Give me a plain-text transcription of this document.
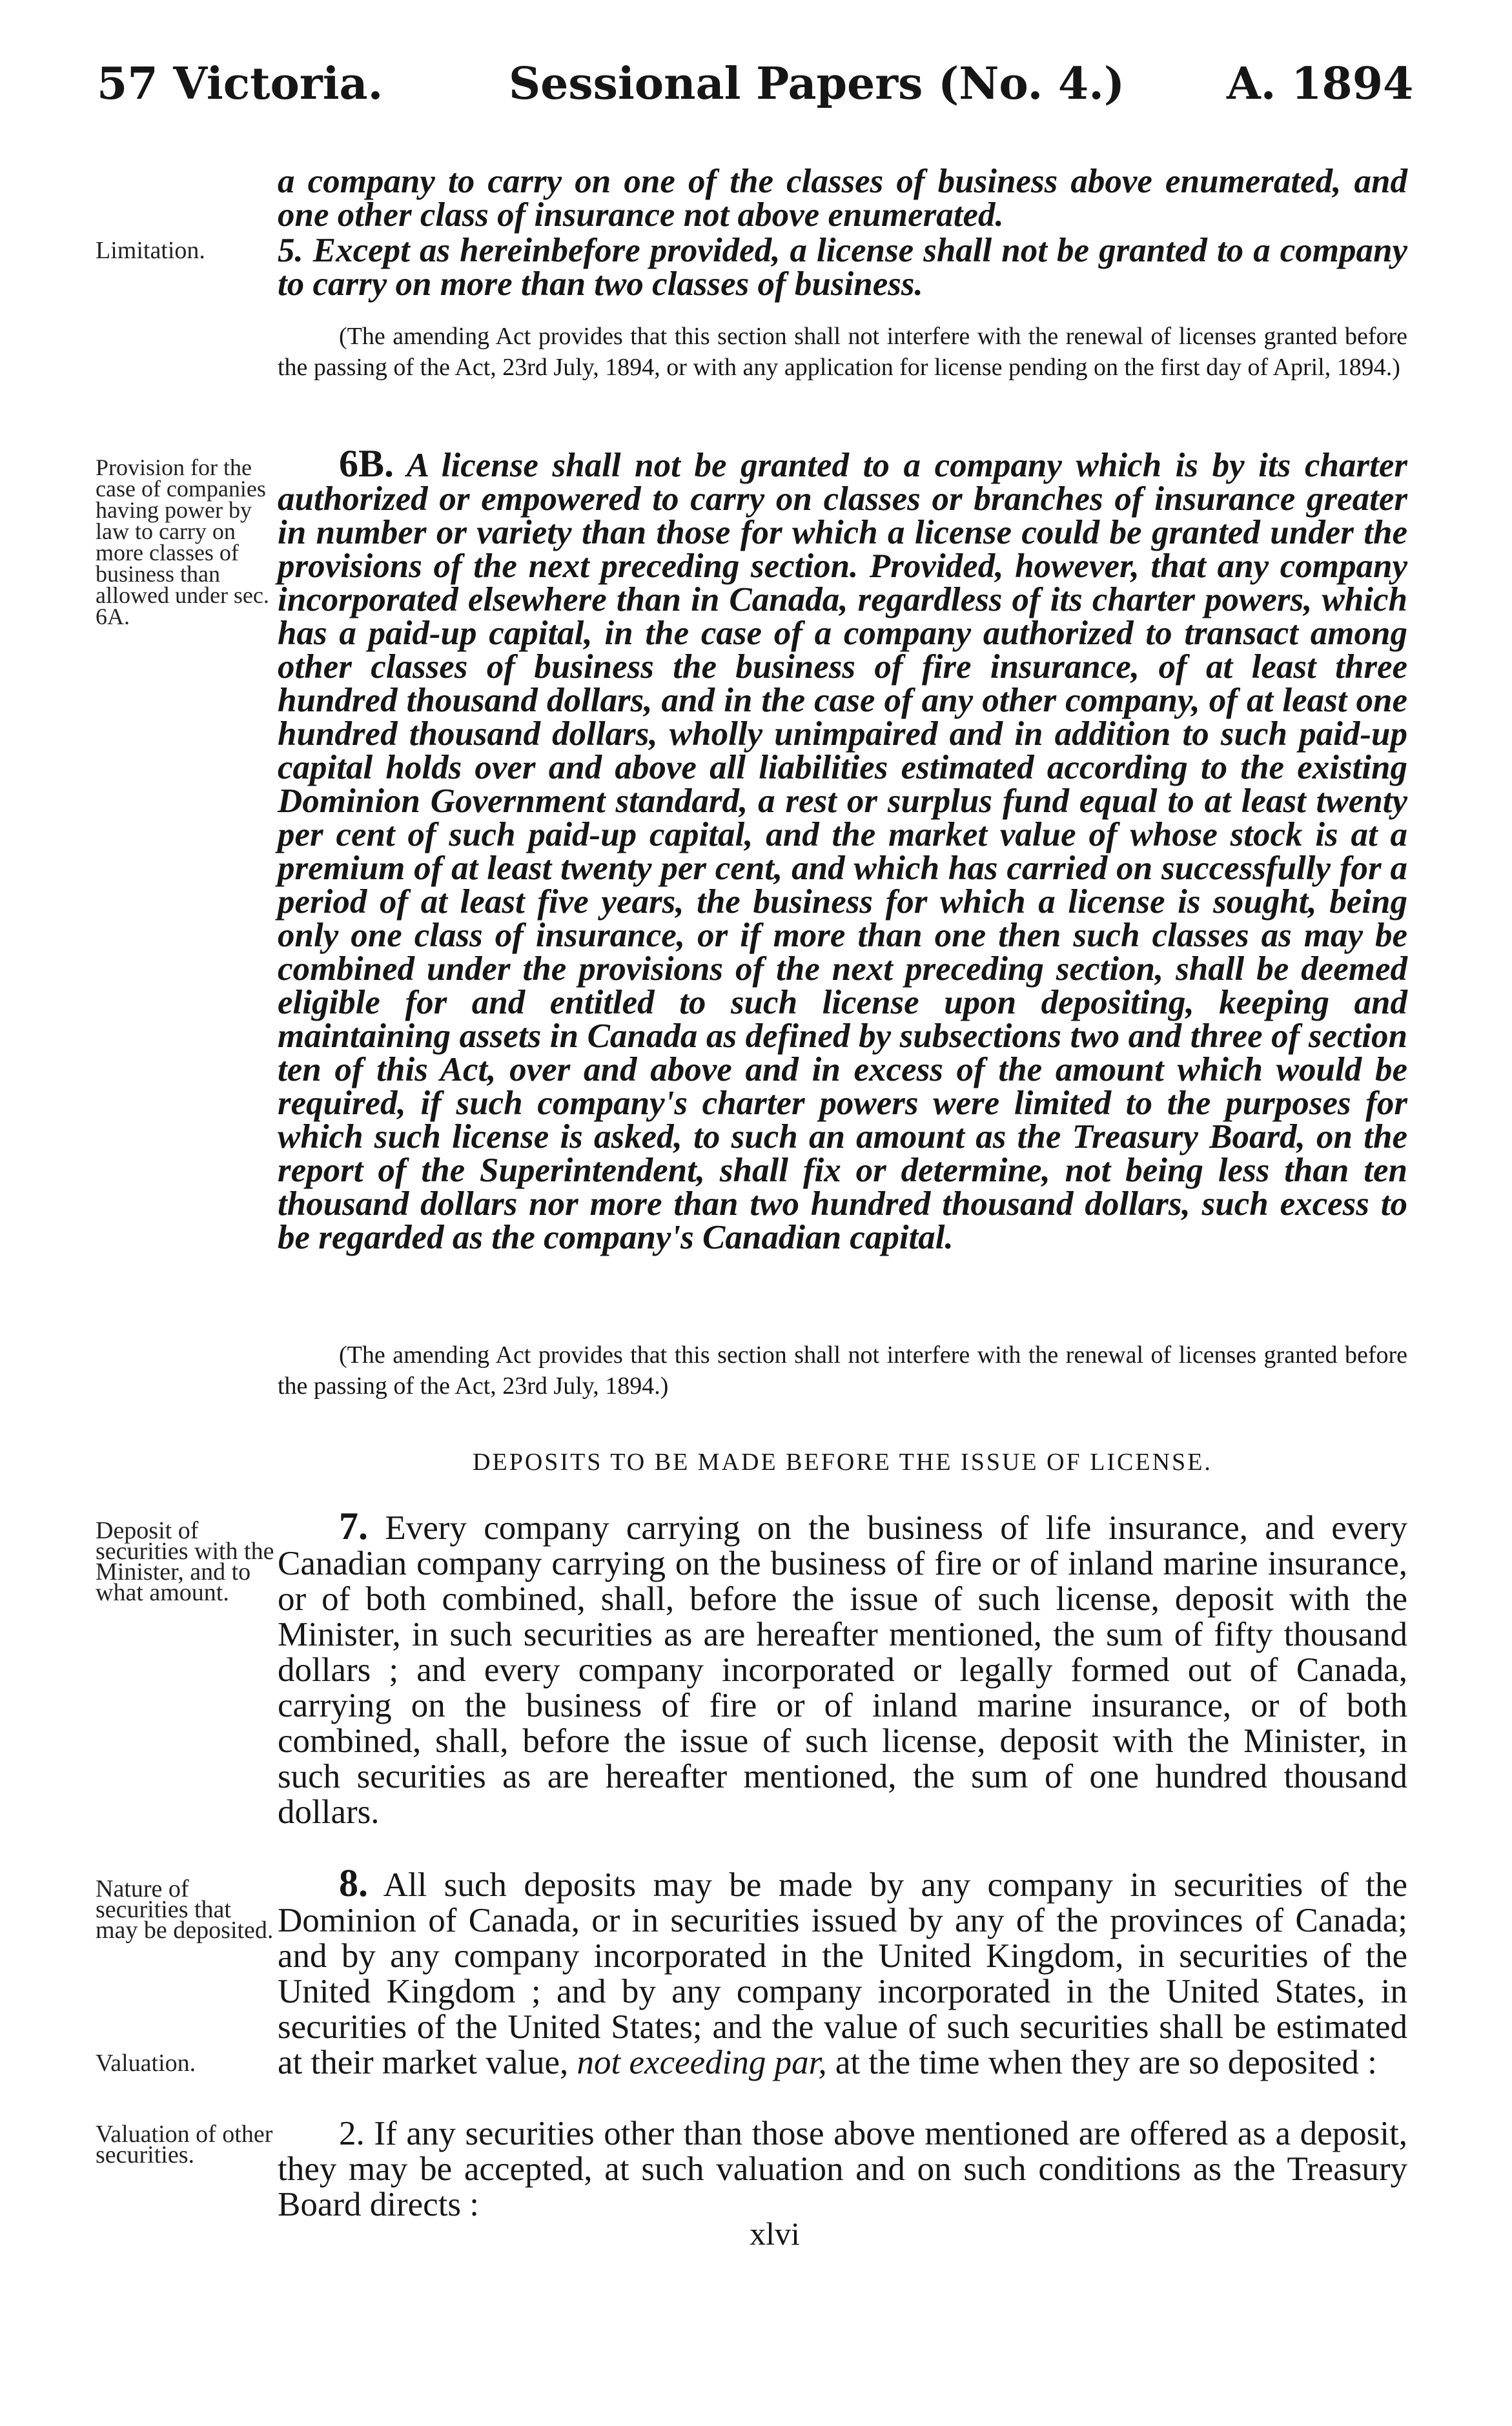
57 Victoria.	Sessional Papers (No. 4.) A. 1894
a company to carry on one of the classes of business above enumerated, and one other class of insurance not above enumerated.
Limitation.	5. Except as hereinbefore provided, a license shall not be granted to a company to carry on more than two classes of business.
(The amending Act provides that this section shall not interfere with the renewal of licenses granted before the passing of the Act, 23rd July, 1894, or with any application for license pending on the first day of April, 1894.)
Provision for the case of companies having power by law to carry on more classes of business than allowed under sec. 6A.
6B. A license shall not be granted to a company which is by its charter authorized or empowered to carry on classes or branches of insurance greater in number or variety than those for which a license could be granted under the provisions of the next preceding section. Provided, however, that any company incorporated elsewhere than in Canada, regardless of its charter powers, which has a paid-up capital, in the case of a company authorized to transact among other classes of business the business of fire insurance, of at least three hundred thousand dollars, and in the case of any other company, of at least one hundred thousand dollars, wholly unimpaired and in addition to such paid-up capital holds over and above all liabilities estimated according to the existing Dominion Government standard, a rest or surplus fund equal to at least twenty per cent of such paid-up capital, and the market value of whose stock is at a premium of at least twenty per cent, and which has carried on successfully for a period of at least five years, the business for which a license is sought, being only one class of insurance, or if more than one then such classes as may be combined under the provisions of the next preceding section, shall be deemed eligible for and entitled to such license upon depositing, keeping and maintaining assets in Canada as defined by subsections two and three of section ten of this Act, over and above and in excess of the amount which would be required, if such company's charter powers were limited to the purposes for which such license is asked, to such an amount as the Treasury Board, on the report of the Superintendent, shall fix or determine, not being less than ten thousand dollars nor more than two hundred thousand dollars, such excess to be regarded as the company's Canadian capital.
(The amending Act provides that this section shall not interfere with the renewal of licenses granted before the passing of the Act, 23rd July, 1894.)
DEPOSITS TO BE MADE BEFORE THE ISSUE OF LICENSE.
Deposit of securities with the Minister, and to what amount.
7. Every company carrying on the business of life insurance, and every Canadian company carrying on the business of fire or of inland marine insurance, or of both combined, shall, before the issue of such license, deposit with the Minister, in such securities as are hereafter mentioned, the sum of fifty thousand dollars ; and every company incorporated or legally formed out of Canada, carrying on the business of fire or of inland marine insurance, or of both combined, shall, before the issue of such license, deposit with the Minister, in such securities as are hereafter mentioned, the sum of one hundred thousand dollars.
Nature of securities that may be deposited.
Valuation.
Valuation of other securities.
8. All such deposits may be made by any company in securities of the Dominion of Canada, or in securities issued by any of the provinces of Canada; and by any company incorporated in the United Kingdom, in securities of the United Kingdom ; and by any company incorporated in the United States, in securities of the United States; and the value of such securities shall be estimated at their market value, not exceeding par, at the time when they are so deposited :
2. If any securities other than those above mentioned are offered as a deposit, they may be accepted, at such valuation and on such conditions as the Treasury Board directs :
xlvi
